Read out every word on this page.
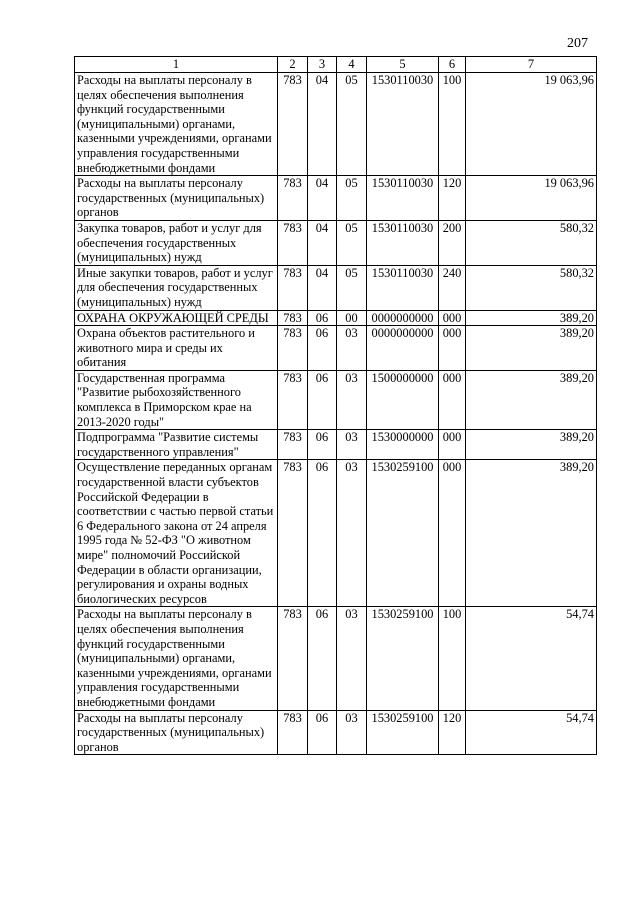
207
1	2	3	4	5	6	7
Расходы на выплаты персоналу в целях обеспечения выполнения функций государственными (муниципальными) органами, казенными учреждениями, органами управления государственными внебюджетными фондами	783	04	05	1530110030	100	19 063,96
Расходы на выплаты персоналу государственных (муниципальных) органов	783	04	05	1530110030	120	19 063,96
Закупка товаров, работ и услуг для обеспечения государственных (муниципальных) нужд	783	04	05	1530110030	200	580,32
Иные закупки товаров, работ и услуг для обеспечения государственных (муниципальных) нужд	783	04	05	1530110030	240	580,32
ОХРАНА ОКРУЖАЮЩЕЙ СРЕДЫ	783	06	00	0000000000	000	389,20
Охрана объектов растительного и животного мира и среды их обитания	783	06	03	0000000000	000	389,20
Государственная программа "Развитие рыбохозяйственного комплекса в Приморском крае на 2013-2020 годы"	783	06	03	1500000000	000	389,20
Подпрограмма "Развитие системы государственного управления"	783	06	03	1530000000	000	389,20
Осуществление переданных органам государственной власти субъектов Российской Федерации в соответствии с частью первой статьи 6 Федерального закона от 24 апреля 1995 года № 52-ФЗ "О животном мире" полномочий Российской Федерации в области организации, регулирования и охраны водных биологических ресурсов	783	06	03	1530259100	000	389,20
Расходы на выплаты персоналу в целях обеспечения выполнения функций государственными (муниципальными) органами, казенными учреждениями, органами управления государственными внебюджетными фондами	783	06	03	1530259100	100	54,74
Расходы на выплаты персоналу государственных (муниципальных) органов	783	06	03	1530259100	120	54,74
